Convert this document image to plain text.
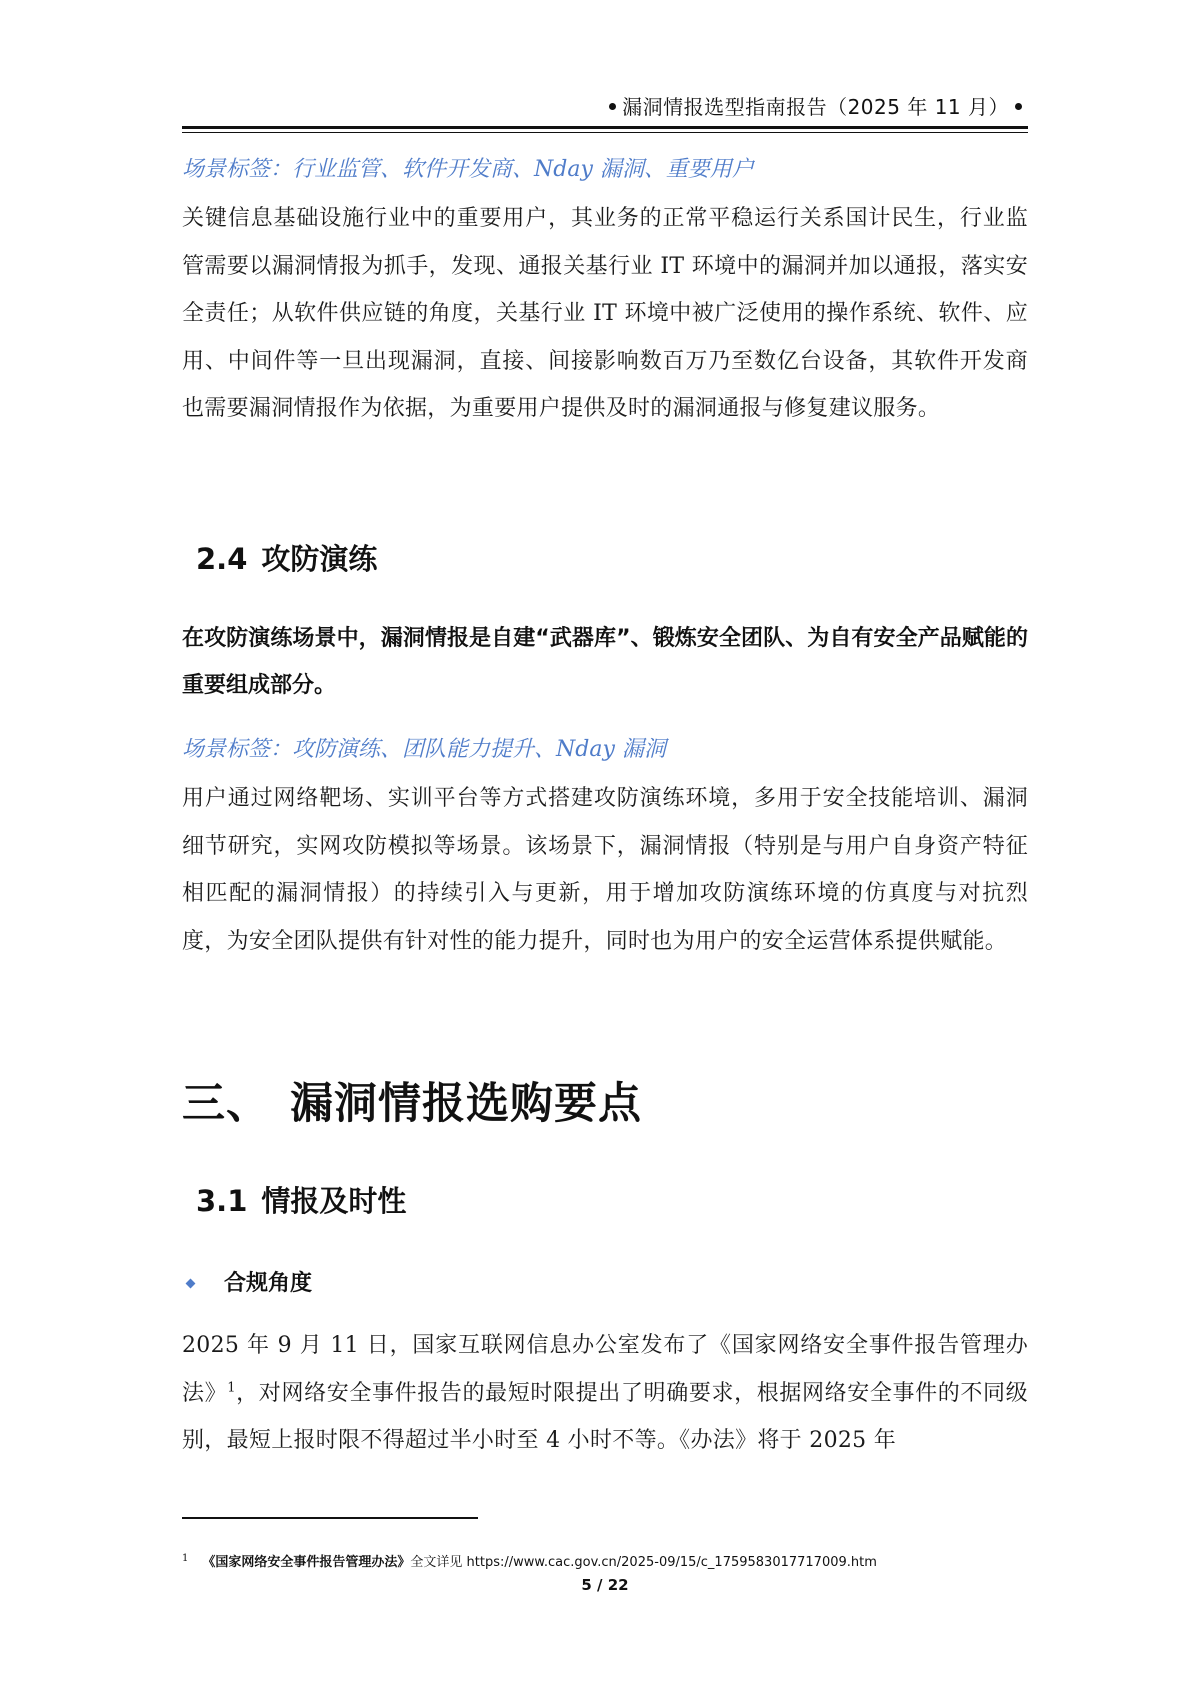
漏洞情报选型指南报告（2025 年 11 月）
场景标签：行业监管、软件开发商、Nday 漏洞、重要用户
关键信息基础设施行业中的重要用户，其业务的正常平稳运行关系国计民生，行业监管需要以漏洞情报为抓手，发现、通报关基行业 IT 环境中的漏洞并加以通报，落实安全责任；从软件供应链的角度，关基行业 IT 环境中被广泛使用的操作系统、软件、应用、中间件等一旦出现漏洞，直接、间接影响数百万乃至数亿台设备，其软件开发商也需要漏洞情报作为依据，为重要用户提供及时的漏洞通报与修复建议服务。
2.4 攻防演练
在攻防演练场景中，漏洞情报是自建“武器库”、锻炼安全团队、为自有安全产品赋能的重要组成部分。
场景标签：攻防演练、团队能力提升、Nday 漏洞
用户通过网络靶场、实训平台等方式搭建攻防演练环境，多用于安全技能培训、漏洞细节研究，实网攻防模拟等场景。该场景下，漏洞情报（特别是与用户自身资产特征相匹配的漏洞情报）的持续引入与更新，用于增加攻防演练环境的仿真度与对抗烈度，为安全团队提供有针对性的能力提升，同时也为用户的安全运营体系提供赋能。
三、 漏洞情报选购要点
3.1 情报及时性
合规角度
2025 年 9 月 11 日，国家互联网信息办公室发布了《国家网络安全事件报告管理办法》$^1$，对网络安全事件报告的最短时限提出了明确要求，根据网络安全事件的不同级别，最短上报时限不得超过半小时至 4 小时不等。《办法》将于 2025 年
$^1$ 《国家网络安全事件报告管理办法》全文详见 https://www.cac.gov.cn/2025-09/15/c_1759583017717009.htm
5 / 22
